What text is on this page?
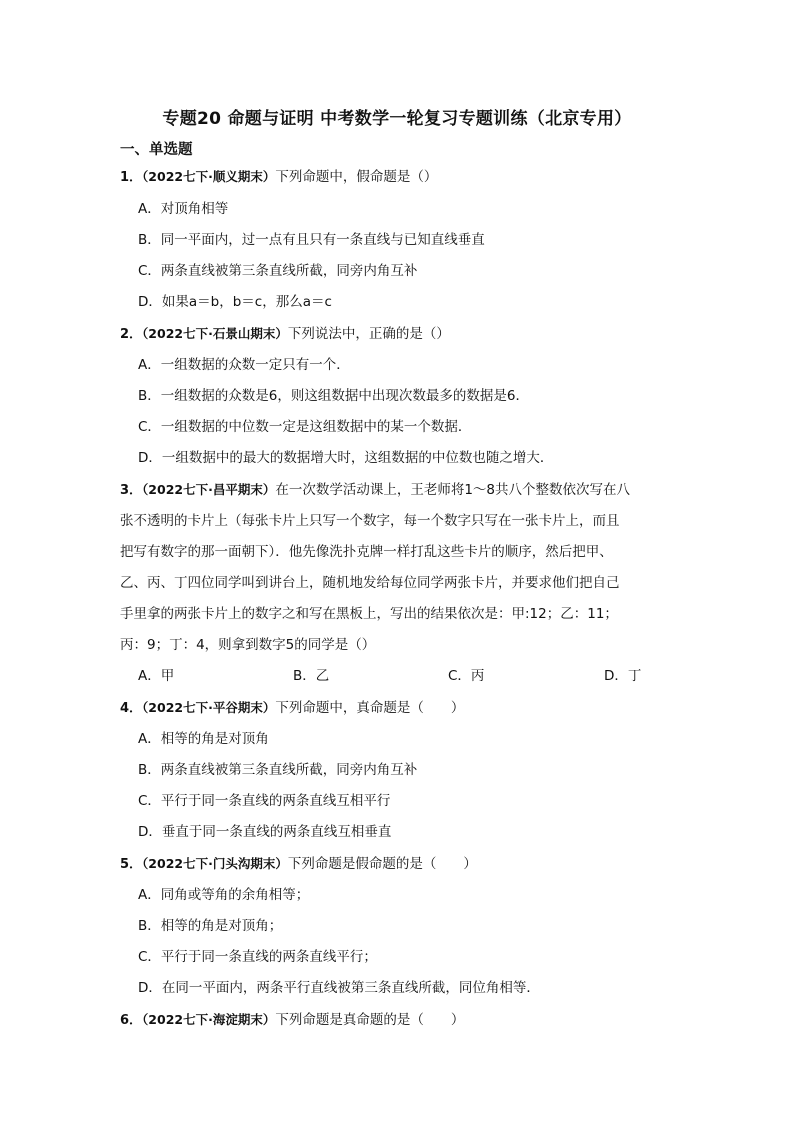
专题20 命题与证明 中考数学一轮复习专题训练（北京专用）
一、单选题
1．（2022七下·顺义期末）下列命题中，假命题是（）
A．对顶角相等
B．同一平面内，过一点有且只有一条直线与已知直线垂直
C．两条直线被第三条直线所截，同旁内角互补
D．如果a＝b，b＝c，那么a＝c
2．（2022七下·石景山期末）下列说法中，正确的是（）
A．一组数据的众数一定只有一个．
B．一组数据的众数是6，则这组数据中出现次数最多的数据是6．
C．一组数据的中位数一定是这组数据中的某一个数据．
D．一组数据中的最大的数据增大时，这组数据的中位数也随之增大．
3．（2022七下·昌平期末）在一次数学活动课上，王老师将1～8共八个整数依次写在八
张不透明的卡片上（每张卡片上只写一个数字，每一个数字只写在一张卡片上，而且
把写有数字的那一面朝下）．他先像洗扑克牌一样打乱这些卡片的顺序，然后把甲、
乙、丙、丁四位同学叫到讲台上，随机地发给每位同学两张卡片，并要求他们把自己
手里拿的两张卡片上的数字之和写在黑板上，写出的结果依次是：甲:12；乙：11；
丙：9；丁：4，则拿到数字5的同学是（）
A．甲	B．乙	C．丙	D．丁
4．（2022七下·平谷期末）下列命题中，真命题是（　　）
A．相等的角是对顶角
B．两条直线被第三条直线所截，同旁内角互补
C．平行于同一条直线的两条直线互相平行
D．垂直于同一条直线的两条直线互相垂直
5．（2022七下·门头沟期末）下列命题是假命题的是（　　）
A．同角或等角的余角相等；
B．相等的角是对顶角；
C．平行于同一条直线的两条直线平行；
D．在同一平面内，两条平行直线被第三条直线所截，同位角相等．
6．（2022七下·海淀期末）下列命题是真命题的是（　　）
